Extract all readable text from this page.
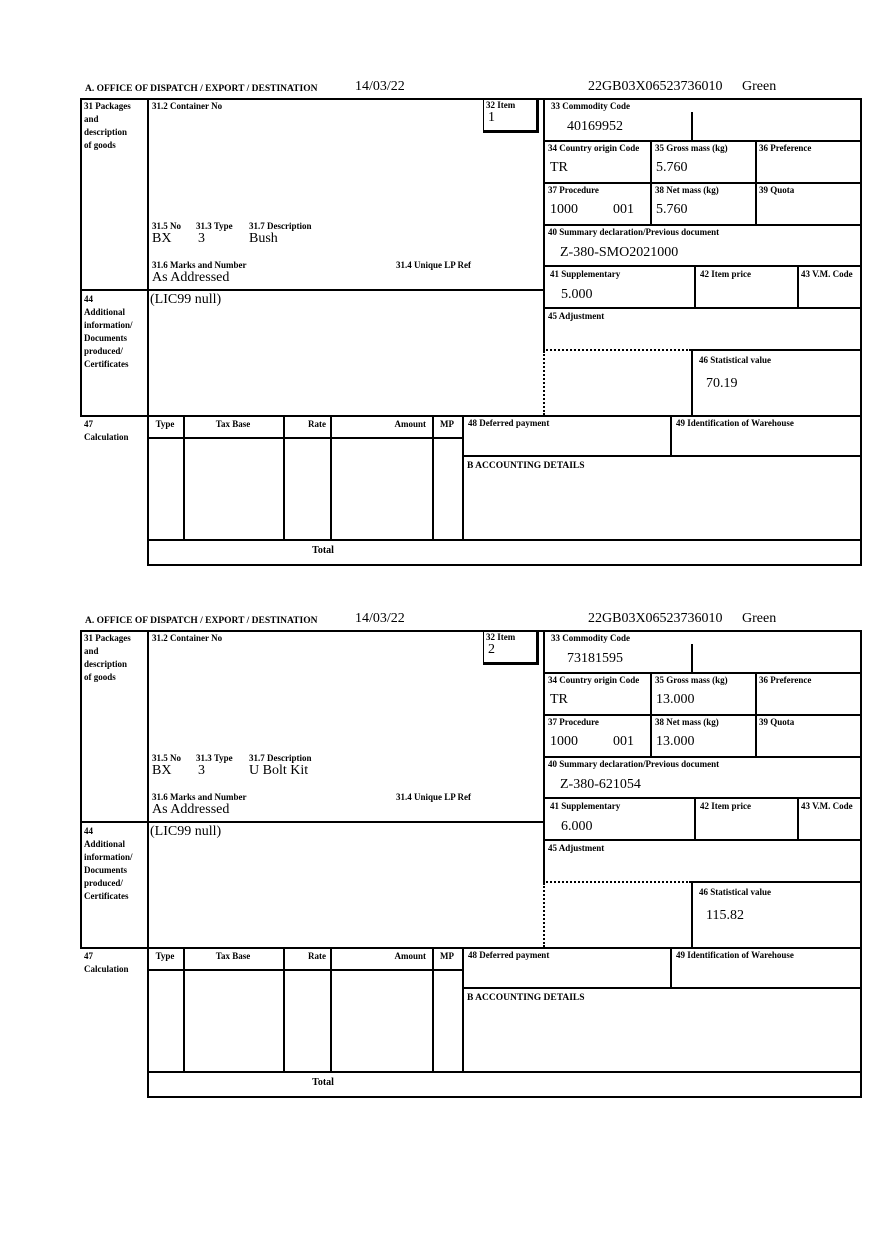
A. OFFICE OF DISPATCH / EXPORT / DESTINATION	14/03/22	22GB03X06523736010 Green
31 Packages
and
description
of goods
31.2 Container No	32 Item
1
33 Commodity Code
40169952
34 Country origin Code
TR
35 Gross mass (kg)
5.760
36 Preference
37 Procedure
1000	001
38 Net mass (kg)
5.760
39 Quota
31.5 No 31.3 Type 31.7 Description
BX 3	Bush
31.6 Marks and Number	31.4 Unique LP Ref
As Addressed
40 Summary declaration/Previous document
Z-380-SMO2021000
41 Supplementary
5.000
42 Item price	43 V.M. Code
45 Adjustment
46 Statistical value
70.19
44
Additional
information/
Documents
produced/
Certificates
(LIC99 null)
47
Calculation
Type	Tax Base	Rate	Amount	MP	48 Deferred payment	49 Identification of Warehouse
B ACCOUNTING DETAILS
Total
A. OFFICE OF DISPATCH / EXPORT / DESTINATION	14/03/22	22GB03X06523736010 Green
31 Packages
and
description
of goods
31.2 Container No	32 Item
2
33 Commodity Code
73181595
34 Country origin Code
TR
35 Gross mass (kg)
13.000
36 Preference
37 Procedure
1000	001
38 Net mass (kg)
13.000
39 Quota
31.5 No 31.3 Type 31.7 Description
BX 3	U Bolt Kit
31.6 Marks and Number	31.4 Unique LP Ref
As Addressed
40 Summary declaration/Previous document
Z-380-621054
41 Supplementary
6.000
42 Item price	43 V.M. Code
45 Adjustment
46 Statistical value
115.82
44
Additional
information/
Documents
produced/
Certificates
(LIC99 null)
47
Calculation
Type	Tax Base	Rate	Amount	MP	48 Deferred payment	49 Identification of Warehouse
B ACCOUNTING DETAILS
Total
